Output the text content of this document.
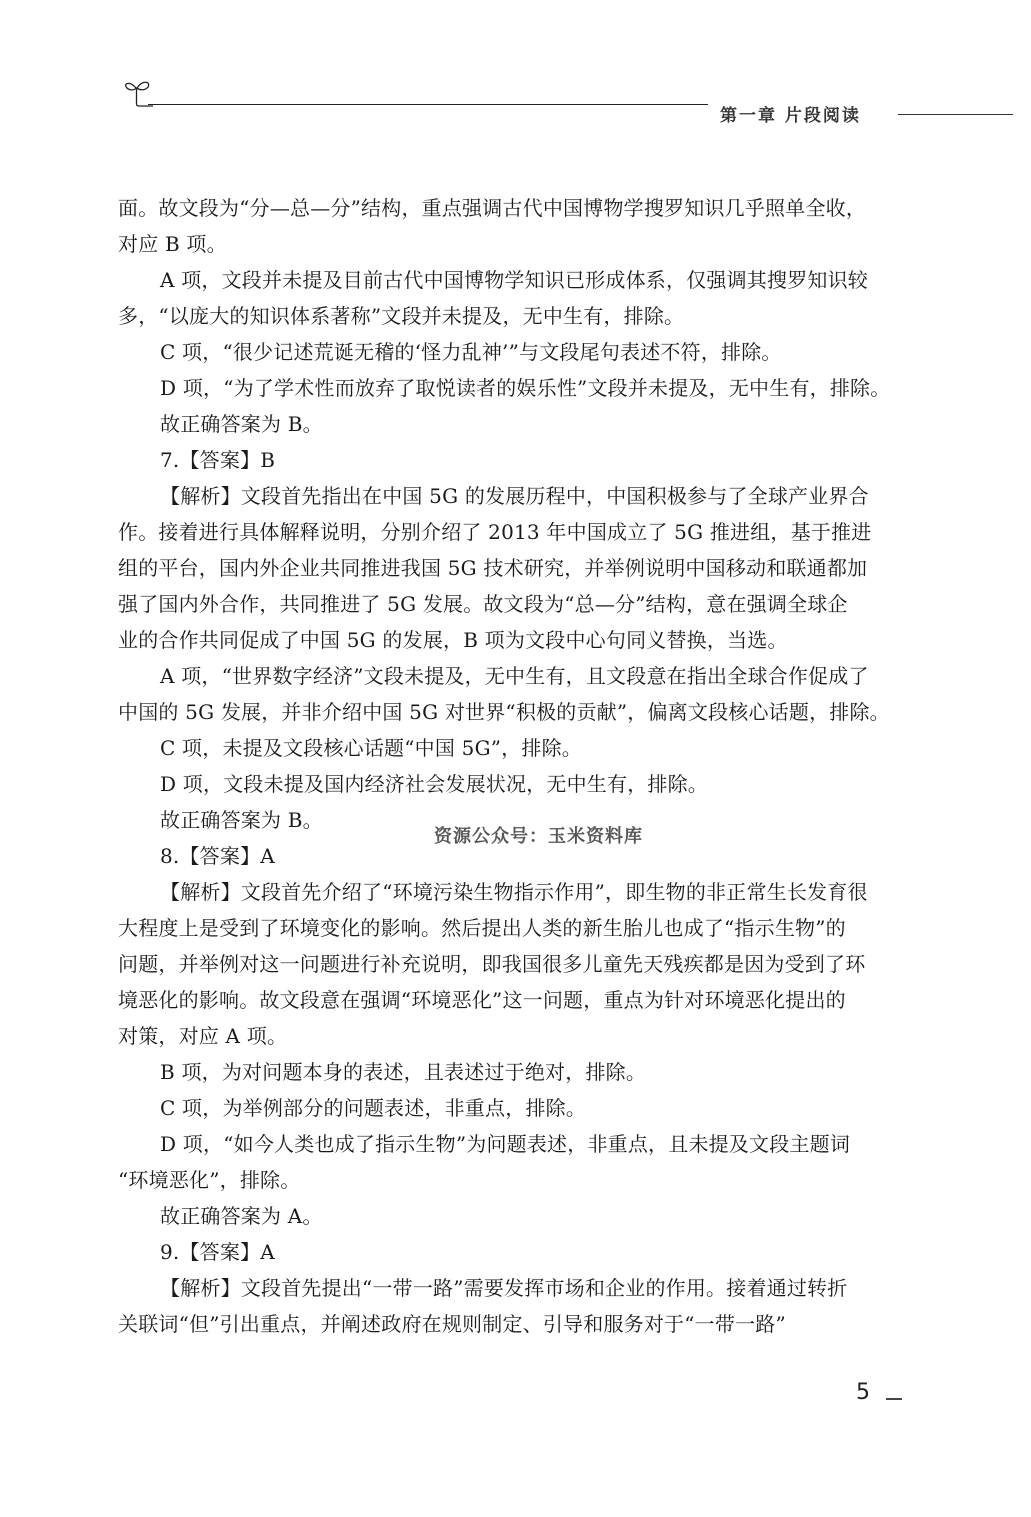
第一章 片段阅读
面。故文段为“分—总—分”结构，重点强调古代中国博物学搜罗知识几乎照单全收，
对应 B 项。
A 项，文段并未提及目前古代中国博物学知识已形成体系，仅强调其搜罗知识较
多，“以庞大的知识体系著称”文段并未提及，无中生有，排除。
C 项，“很少记述荒诞无稽的‘怪力乱神’”与文段尾句表述不符，排除。
D 项，“为了学术性而放弃了取悦读者的娱乐性”文段并未提及，无中生有，排除。
故正确答案为 B。
7.【答案】B
【解析】文段首先指出在中国 5G 的发展历程中，中国积极参与了全球产业界合
作。接着进行具体解释说明，分别介绍了 2013 年中国成立了 5G 推进组，基于推进
组的平台，国内外企业共同推进我国 5G 技术研究，并举例说明中国移动和联通都加
强了国内外合作，共同推进了 5G 发展。故文段为“总—分”结构，意在强调全球企
业的合作共同促成了中国 5G 的发展，B 项为文段中心句同义替换，当选。
A 项，“世界数字经济”文段未提及，无中生有，且文段意在指出全球合作促成了
中国的 5G 发展，并非介绍中国 5G 对世界“积极的贡献”，偏离文段核心话题，排除。
C 项，未提及文段核心话题“中国 5G”，排除。
D 项，文段未提及国内经济社会发展状况，无中生有，排除。
故正确答案为 B。
8.【答案】A
【解析】文段首先介绍了“环境污染生物指示作用”，即生物的非正常生长发育很
大程度上是受到了环境变化的影响。然后提出人类的新生胎儿也成了“指示生物”的
问题，并举例对这一问题进行补充说明，即我国很多儿童先天残疾都是因为受到了环
境恶化的影响。故文段意在强调“环境恶化”这一问题，重点为针对环境恶化提出的
对策，对应 A 项。
B 项，为对问题本身的表述，且表述过于绝对，排除。
C 项，为举例部分的问题表述，非重点，排除。
D 项，“如今人类也成了指示生物”为问题表述，非重点，且未提及文段主题词
“环境恶化”，排除。
故正确答案为 A。
9.【答案】A
【解析】文段首先提出“一带一路”需要发挥市场和企业的作用。接着通过转折
关联词“但”引出重点，并阐述政府在规则制定、引导和服务对于“一带一路”
资源公众号：玉米资料库
5
